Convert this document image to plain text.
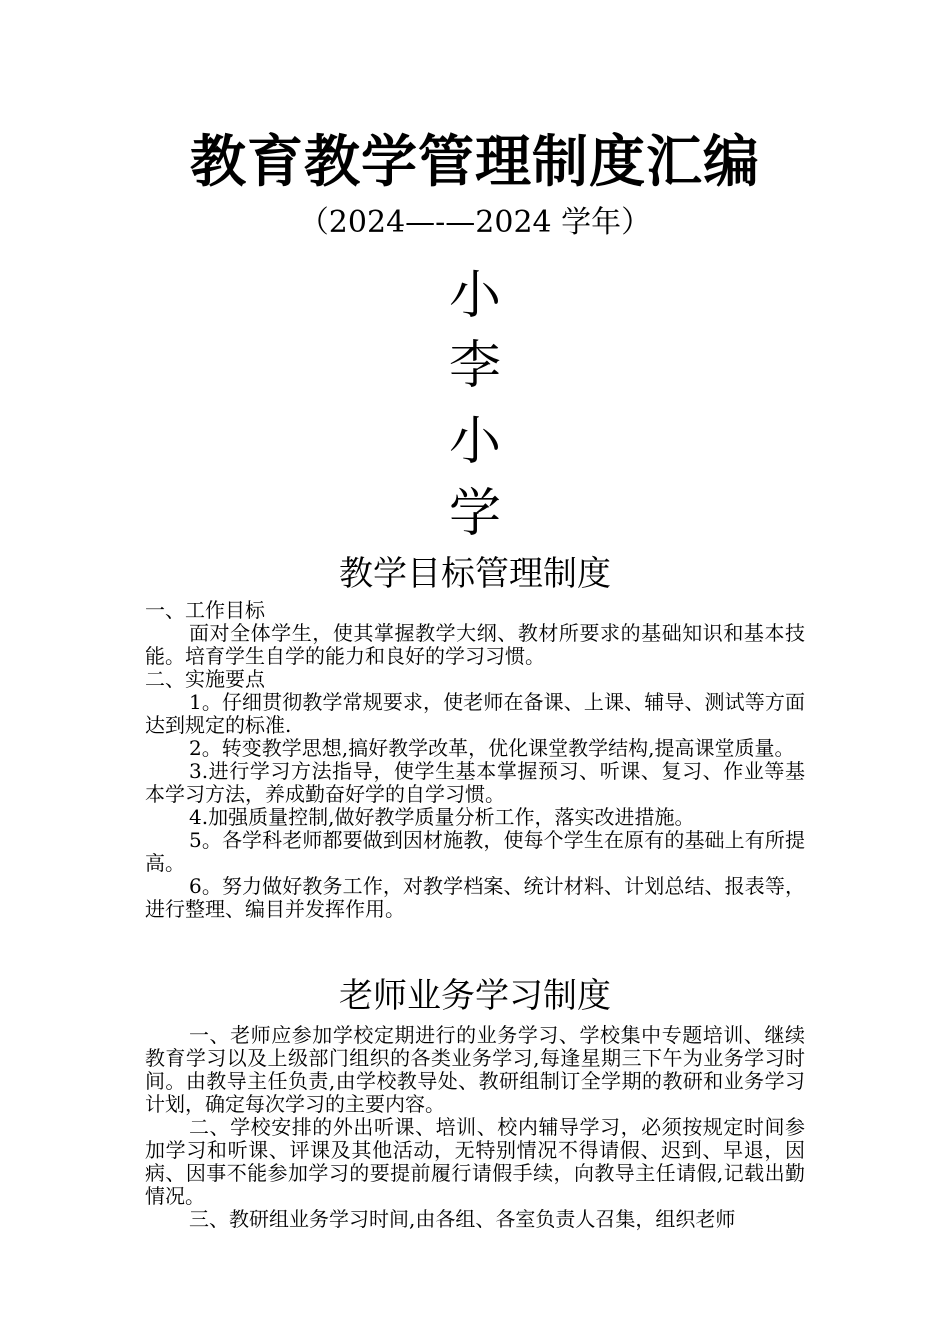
教育教学管理制度汇编
（2024—-—2024 学年）
小
李
小
学
教学目标管理制度

一、工作目标

面对全体学生，使其掌握教学大纲、教材所要求的基础知识和基本技能。培育学生自学的能力和良好的学习习惯。

二、实施要点

1。仔细贯彻教学常规要求，使老师在备课、上课、辅导、测试等方面达到规定的标准.

2。转变教学思想,搞好教学改革，优化课堂教学结构,提高课堂质量。

3.进行学习方法指导，使学生基本掌握预习、听课、复习、作业等基本学习方法，养成勤奋好学的自学习惯。

4.加强质量控制,做好教学质量分析工作，落实改进措施。

5。各学科老师都要做到因材施教，使每个学生在原有的基础上有所提高。

6。努力做好教务工作，对教学档案、统计材料、计划总结、报表等，进行整理、编目并发挥作用。

老师业务学习制度

一、老师应参加学校定期进行的业务学习、学校集中专题培训、继续教育学习以及上级部门组织的各类业务学习,每逢星期三下午为业务学习时间。由教导主任负责,由学校教导处、教研组制订全学期的教研和业务学习计划，确定每次学习的主要内容。

二、学校安排的外出听课、培训、校内辅导学习，必须按规定时间参加学习和听课、评课及其他活动，无特别情况不得请假、迟到、早退，因病、因事不能参加学习的要提前履行请假手续，向教导主任请假,记载出勤情况。

三、教研组业务学习时间,由各组、各室负责人召集，组织老师
